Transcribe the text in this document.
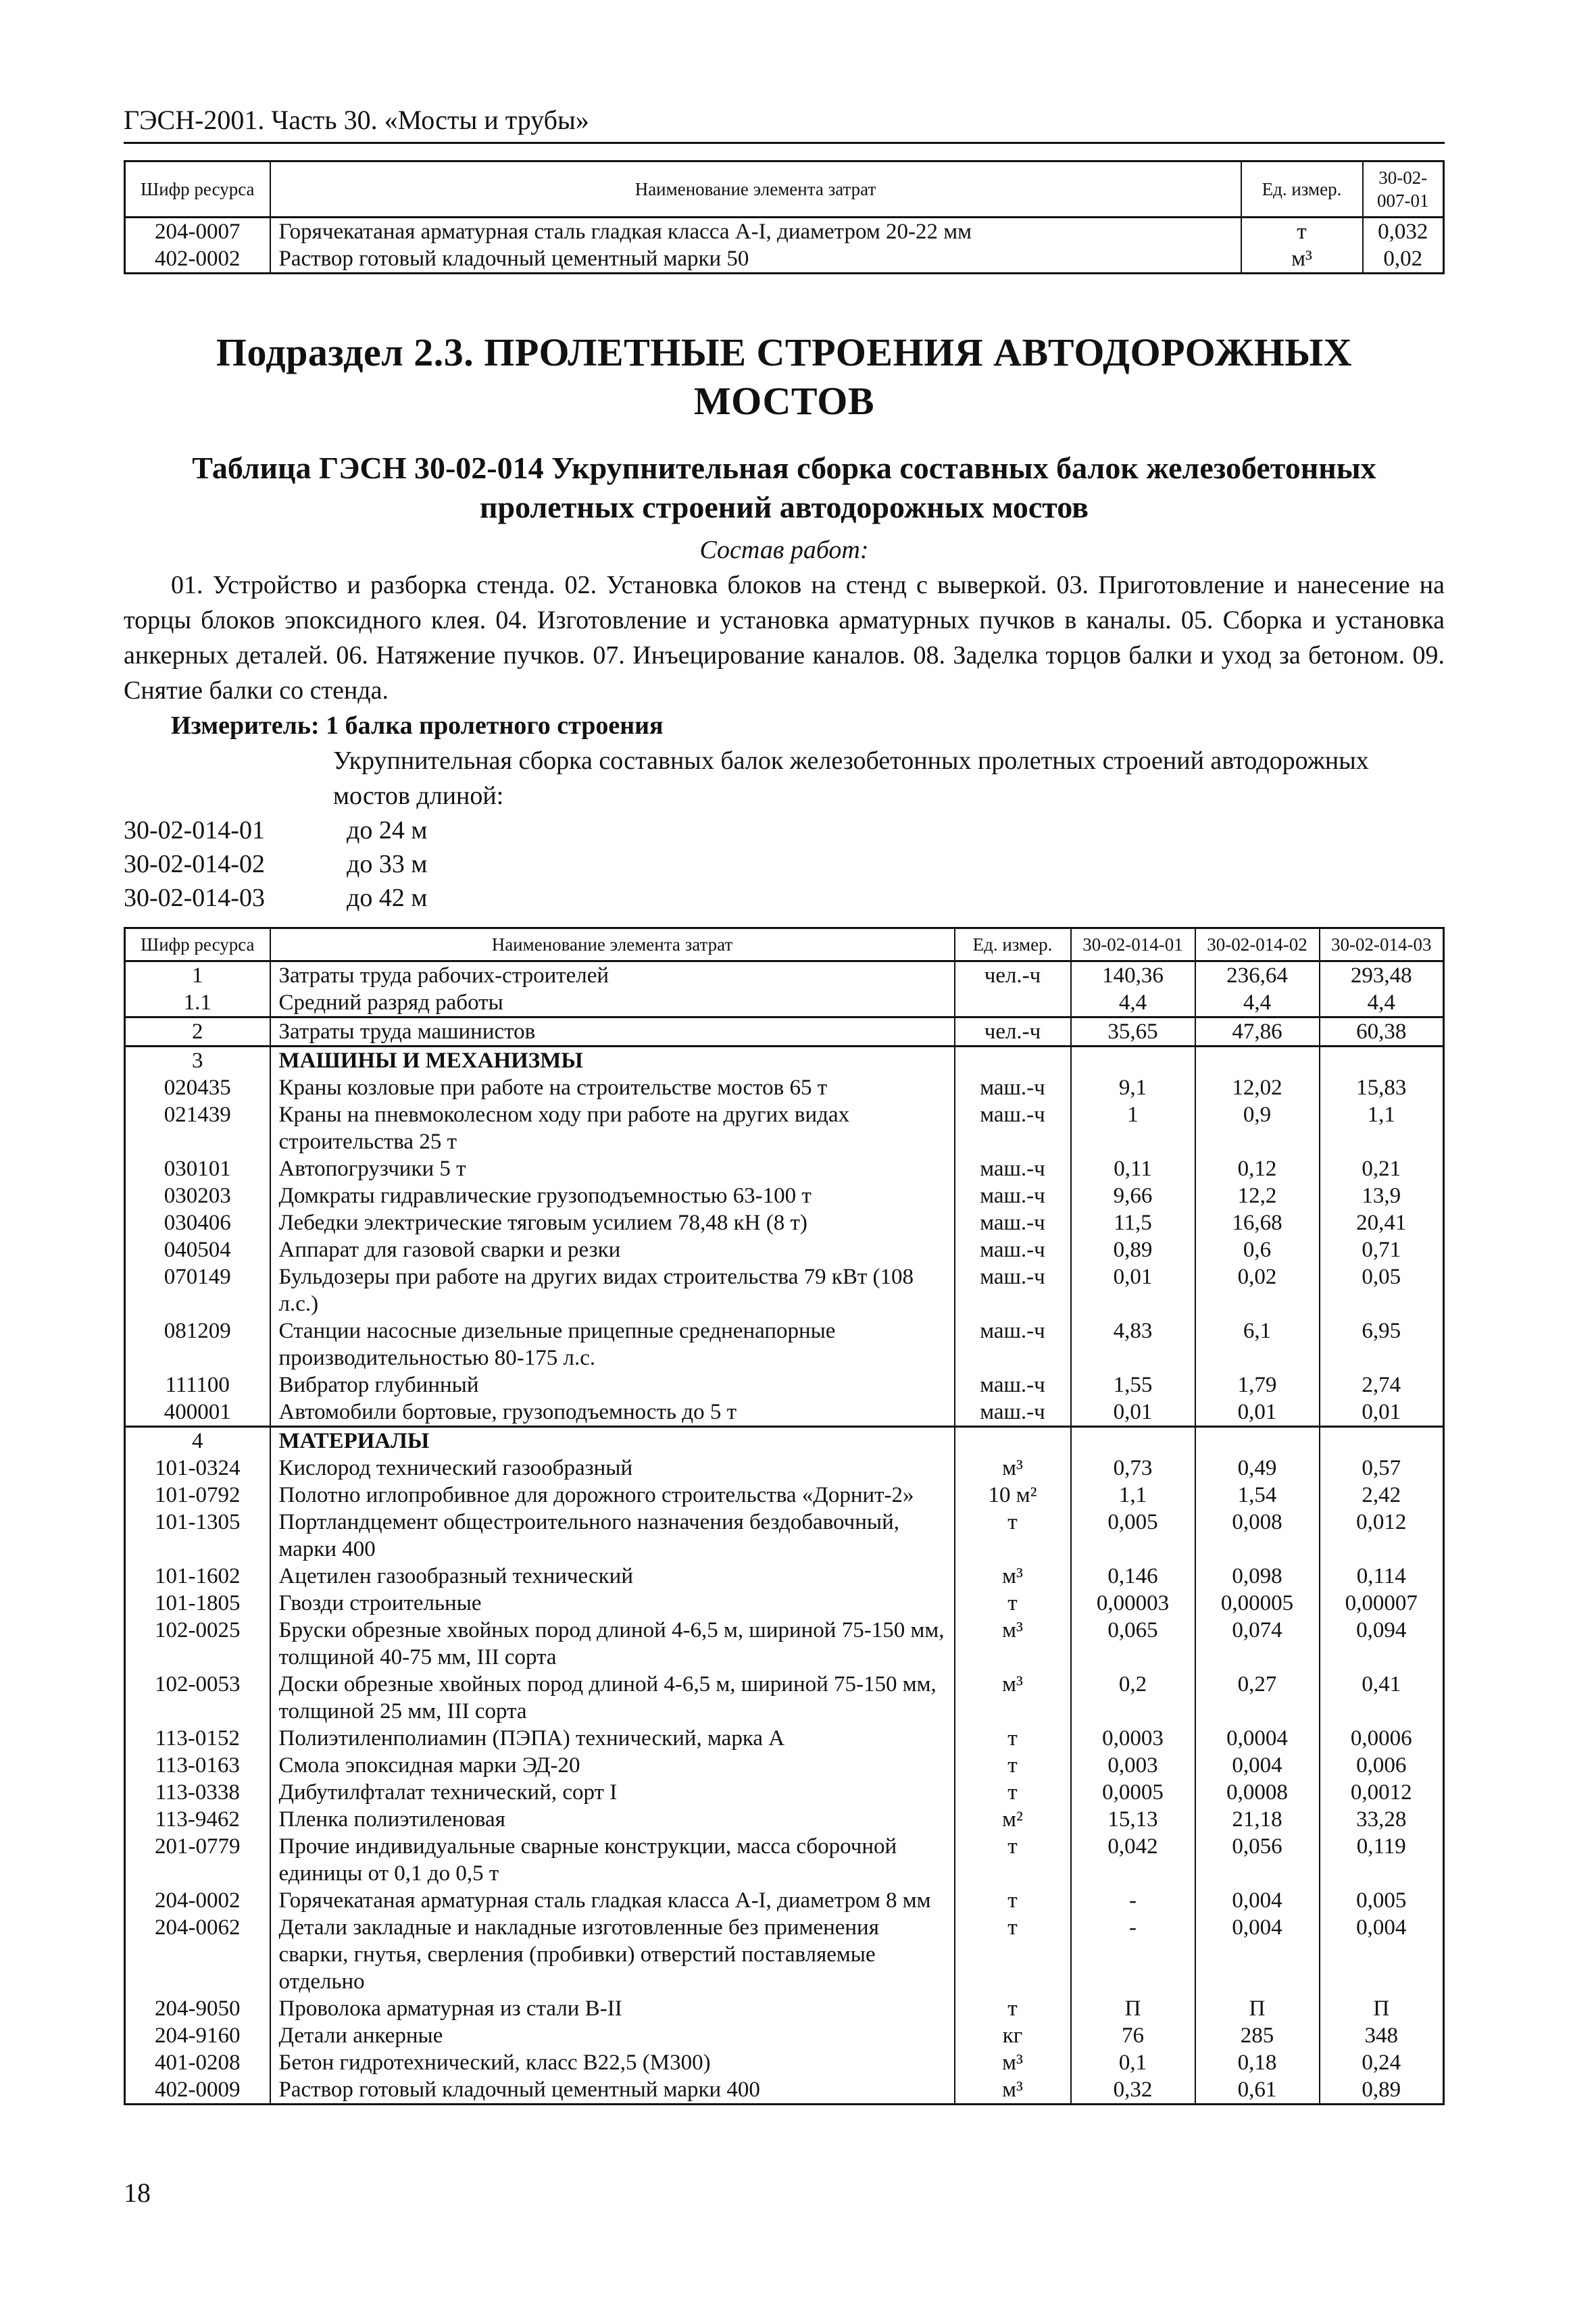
ГЭСН-2001. Часть 30. «Мосты и трубы»
Шифр ресурса	Наименование элемента затрат	Ед. измер.	30-02-007-01
204-0007	Горячекатаная арматурная сталь гладкая класса А-I, диаметром 20-22 мм	т	0,032
402-0002	Раствор готовый кладочный цементный марки 50	м³	0,02
Подраздел 2.3. ПРОЛЕТНЫЕ СТРОЕНИЯ АВТОДОРОЖНЫХ МОСТОВ
Таблица ГЭСН 30-02-014 Укрупнительная сборка составных балок железобетонных
пролетных строений автодорожных мостов
Состав работ:
01. Устройство и разборка стенда. 02. Установка блоков на стенд с выверкой. 03. Приготовление и нанесение на торцы блоков эпоксидного клея. 04. Изготовление и установка арматурных пучков в каналы. 05. Сборка и установка анкерных деталей. 06. Натяжение пучков. 07. Инъецирование каналов. 08. Заделка торцов балки и уход за бетоном. 09. Снятие балки со стенда.
Измеритель: 1 балка пролетного строения
Укрупнительная сборка составных балок железобетонных пролетных строений автодорожных мостов длиной:
30-02-014-01	до 24 м
30-02-014-02	до 33 м
30-02-014-03	до 42 м
Шифр ресурса	Наименование элемента затрат	Ед. измер.	30-02-014-01	30-02-014-02	30-02-014-03
1	Затраты труда рабочих-строителей	чел.-ч	140,36	236,64	293,48
1.1	Средний разряд работы		4,4	4,4	4,4
2	Затраты труда машинистов	чел.-ч	35,65	47,86	60,38
3	МАШИНЫ И МЕХАНИЗМЫ				
020435	Краны козловые при работе на строительстве мостов 65 т	маш.-ч	9,1	12,02	15,83
021439	Краны на пневмоколесном ходу при работе на других видах строительства 25 т	маш.-ч	1	0,9	1,1
030101	Автопогрузчики 5 т	маш.-ч	0,11	0,12	0,21
030203	Домкраты гидравлические грузоподъемностью 63-100 т	маш.-ч	9,66	12,2	13,9
030406	Лебедки электрические тяговым усилием 78,48 кН (8 т)	маш.-ч	11,5	16,68	20,41
040504	Аппарат для газовой сварки и резки	маш.-ч	0,89	0,6	0,71
070149	Бульдозеры при работе на других видах строительства 79 кВт (108 л.с.)	маш.-ч	0,01	0,02	0,05
081209	Станции насосные дизельные прицепные средненапорные производительностью 80-175 л.с.	маш.-ч	4,83	6,1	6,95
111100	Вибратор глубинный	маш.-ч	1,55	1,79	2,74
400001	Автомобили бортовые, грузоподъемность до 5 т	маш.-ч	0,01	0,01	0,01
4	МАТЕРИАЛЫ				
101-0324	Кислород технический газообразный	м³	0,73	0,49	0,57
101-0792	Полотно иглопробивное для дорожного строительства «Дорнит-2»	10 м²	1,1	1,54	2,42
101-1305	Портландцемент общестроительного назначения бездобавочный, марки 400	т	0,005	0,008	0,012
101-1602	Ацетилен газообразный технический	м³	0,146	0,098	0,114
101-1805	Гвозди строительные	т	0,00003	0,00005	0,00007
102-0025	Бруски обрезные хвойных пород длиной 4-6,5 м, шириной 75-150 мм, толщиной 40-75 мм, III сорта	м³	0,065	0,074	0,094
102-0053	Доски обрезные хвойных пород длиной 4-6,5 м, шириной 75-150 мм, толщиной 25 мм, III сорта	м³	0,2	0,27	0,41
113-0152	Полиэтиленполиамин (ПЭПА) технический, марка А	т	0,0003	0,0004	0,0006
113-0163	Смола эпоксидная марки ЭД-20	т	0,003	0,004	0,006
113-0338	Дибутилфталат технический, сорт I	т	0,0005	0,0008	0,0012
113-9462	Пленка полиэтиленовая	м²	15,13	21,18	33,28
201-0779	Прочие индивидуальные сварные конструкции, масса сборочной единицы от 0,1 до 0,5 т	т	0,042	0,056	0,119
204-0002	Горячекатаная арматурная сталь гладкая класса А-I, диаметром 8 мм	т	-	0,004	0,005
204-0062	Детали закладные и накладные изготовленные без применения сварки, гнутья, сверления (пробивки) отверстий поставляемые отдельно	т	-	0,004	0,004
204-9050	Проволока арматурная из стали В-II	т	П	П	П
204-9160	Детали анкерные	кг	76	285	348
401-0208	Бетон гидротехнический, класс В22,5 (М300)	м³	0,1	0,18	0,24
402-0009	Раствор готовый кладочный цементный марки 400	м³	0,32	0,61	0,89
18
